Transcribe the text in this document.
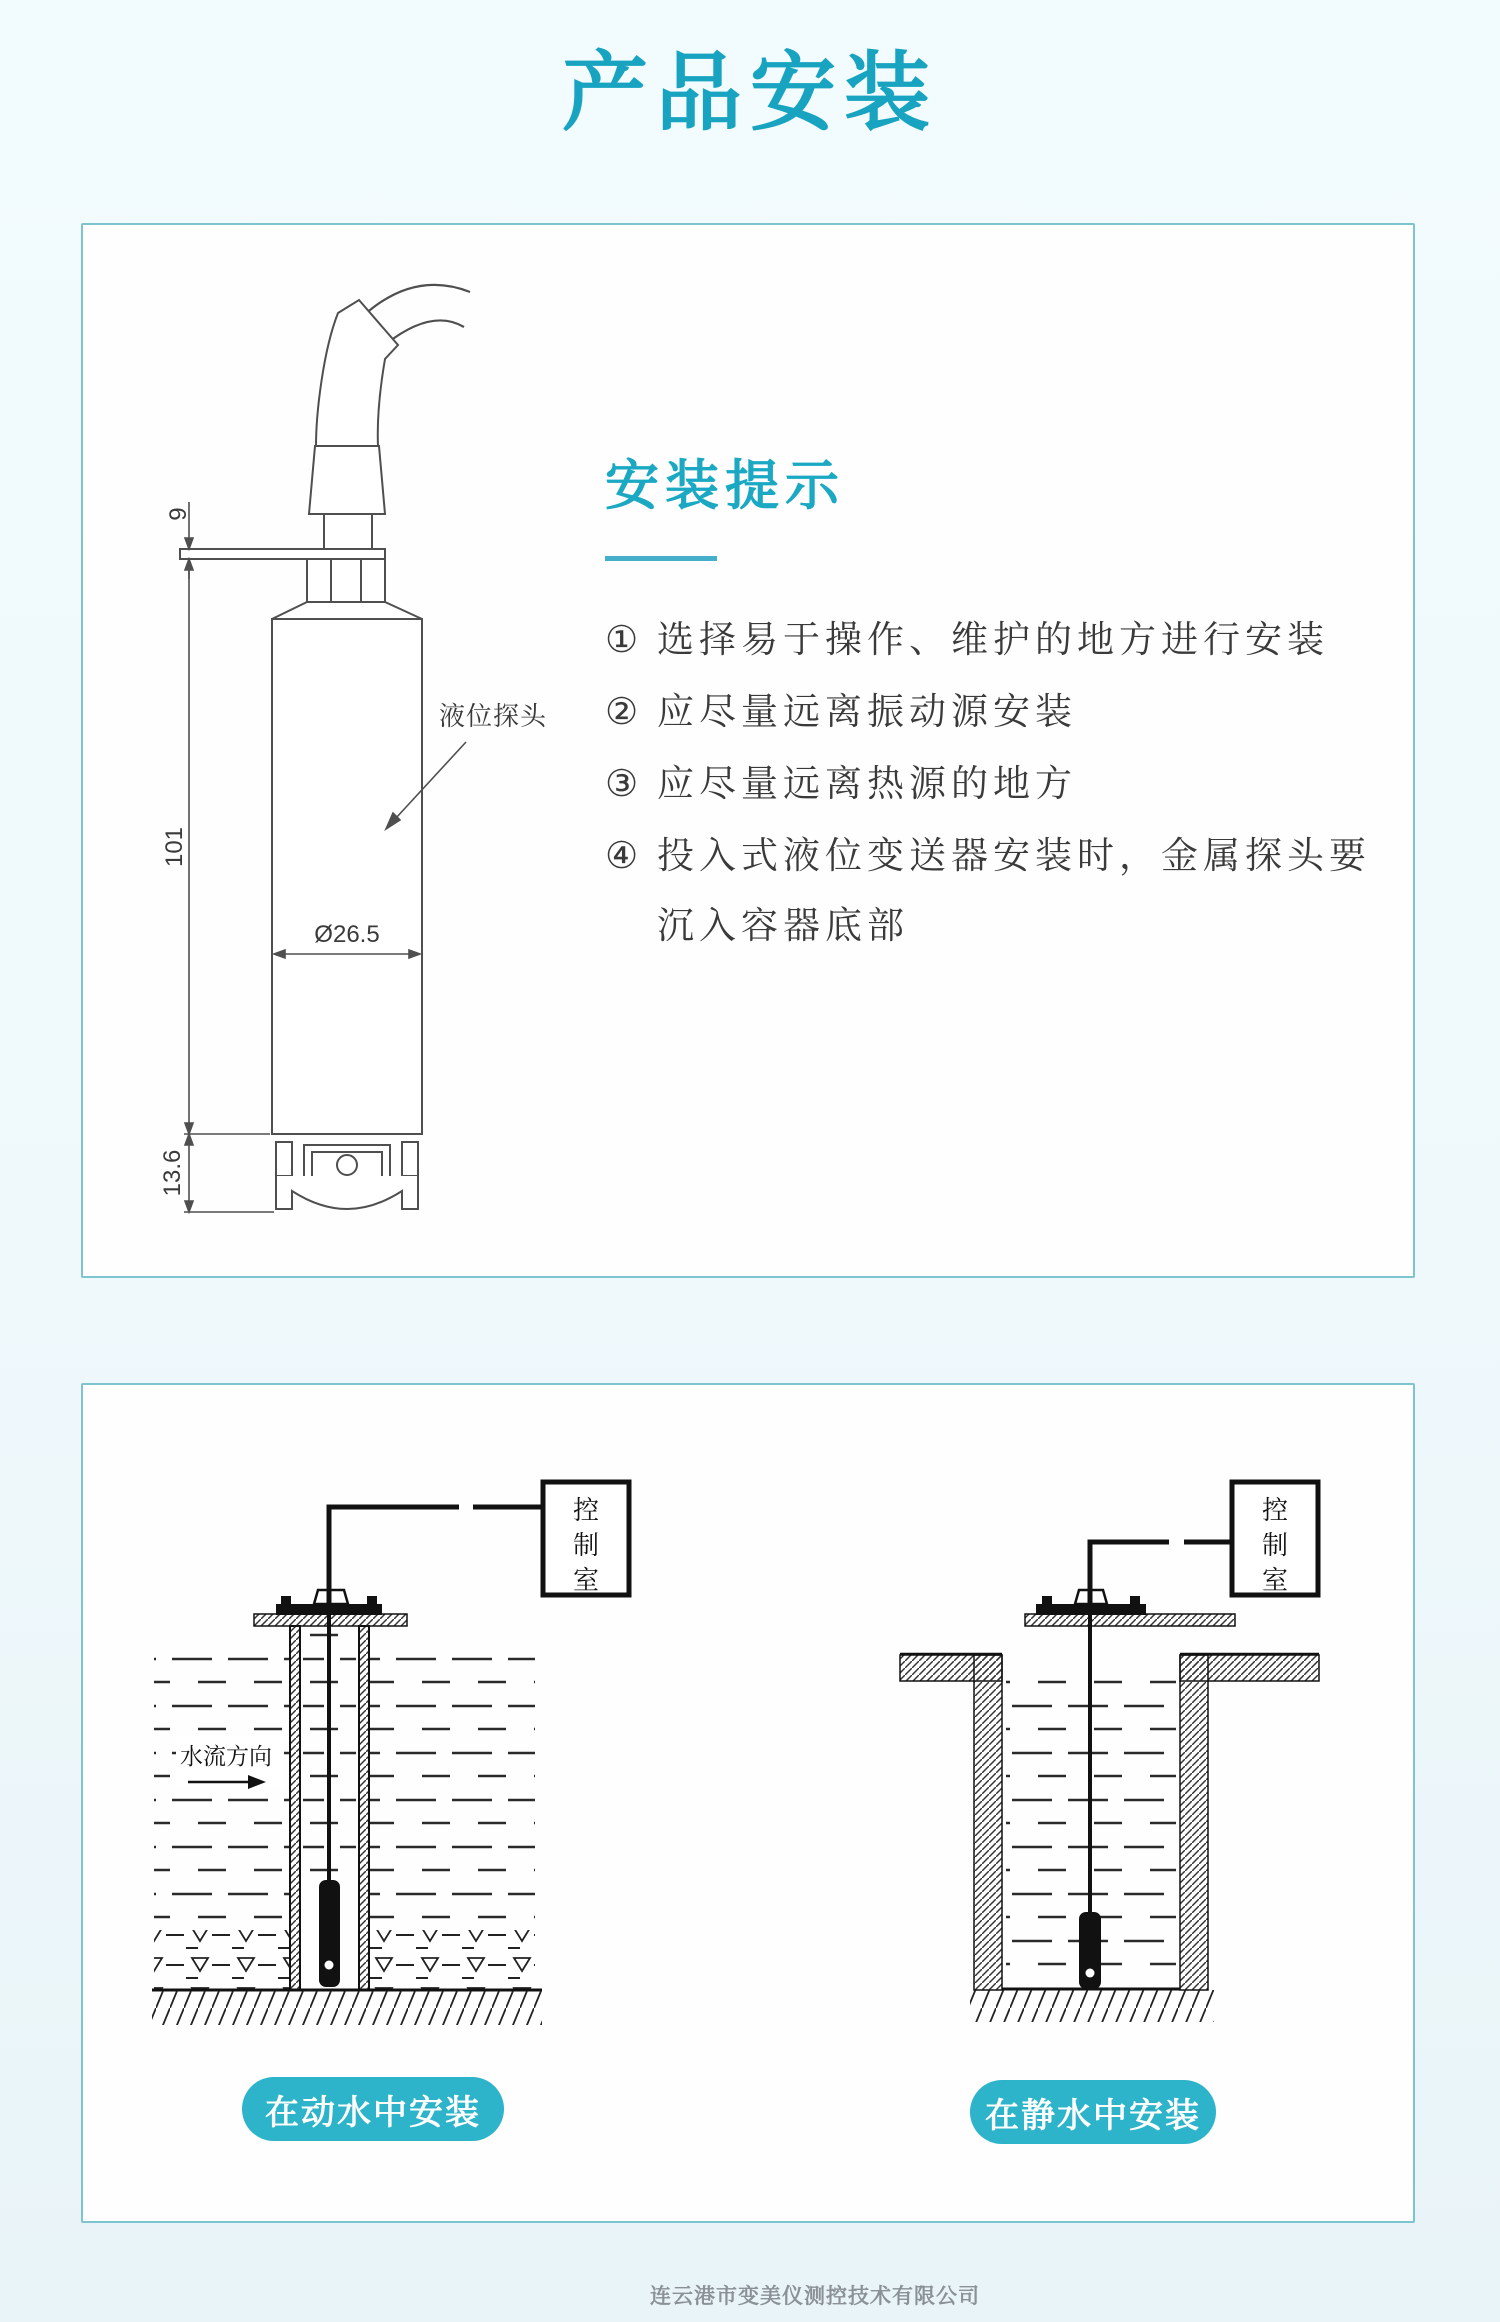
产品安装
9
101
13.6
Ø26.5
液位探头
安装提示
① 选择易于操作、维护的地方进行安装
② 应尽量远离振动源安装
③ 应尽量远离热源的地方
④ 投入式液位变送器安装时，金属探头要沉入容器底部
控
制
室
水流方向
控
制
室
在动水中安装	在静水中安装
连云港市变美仪测控技术有限公司
